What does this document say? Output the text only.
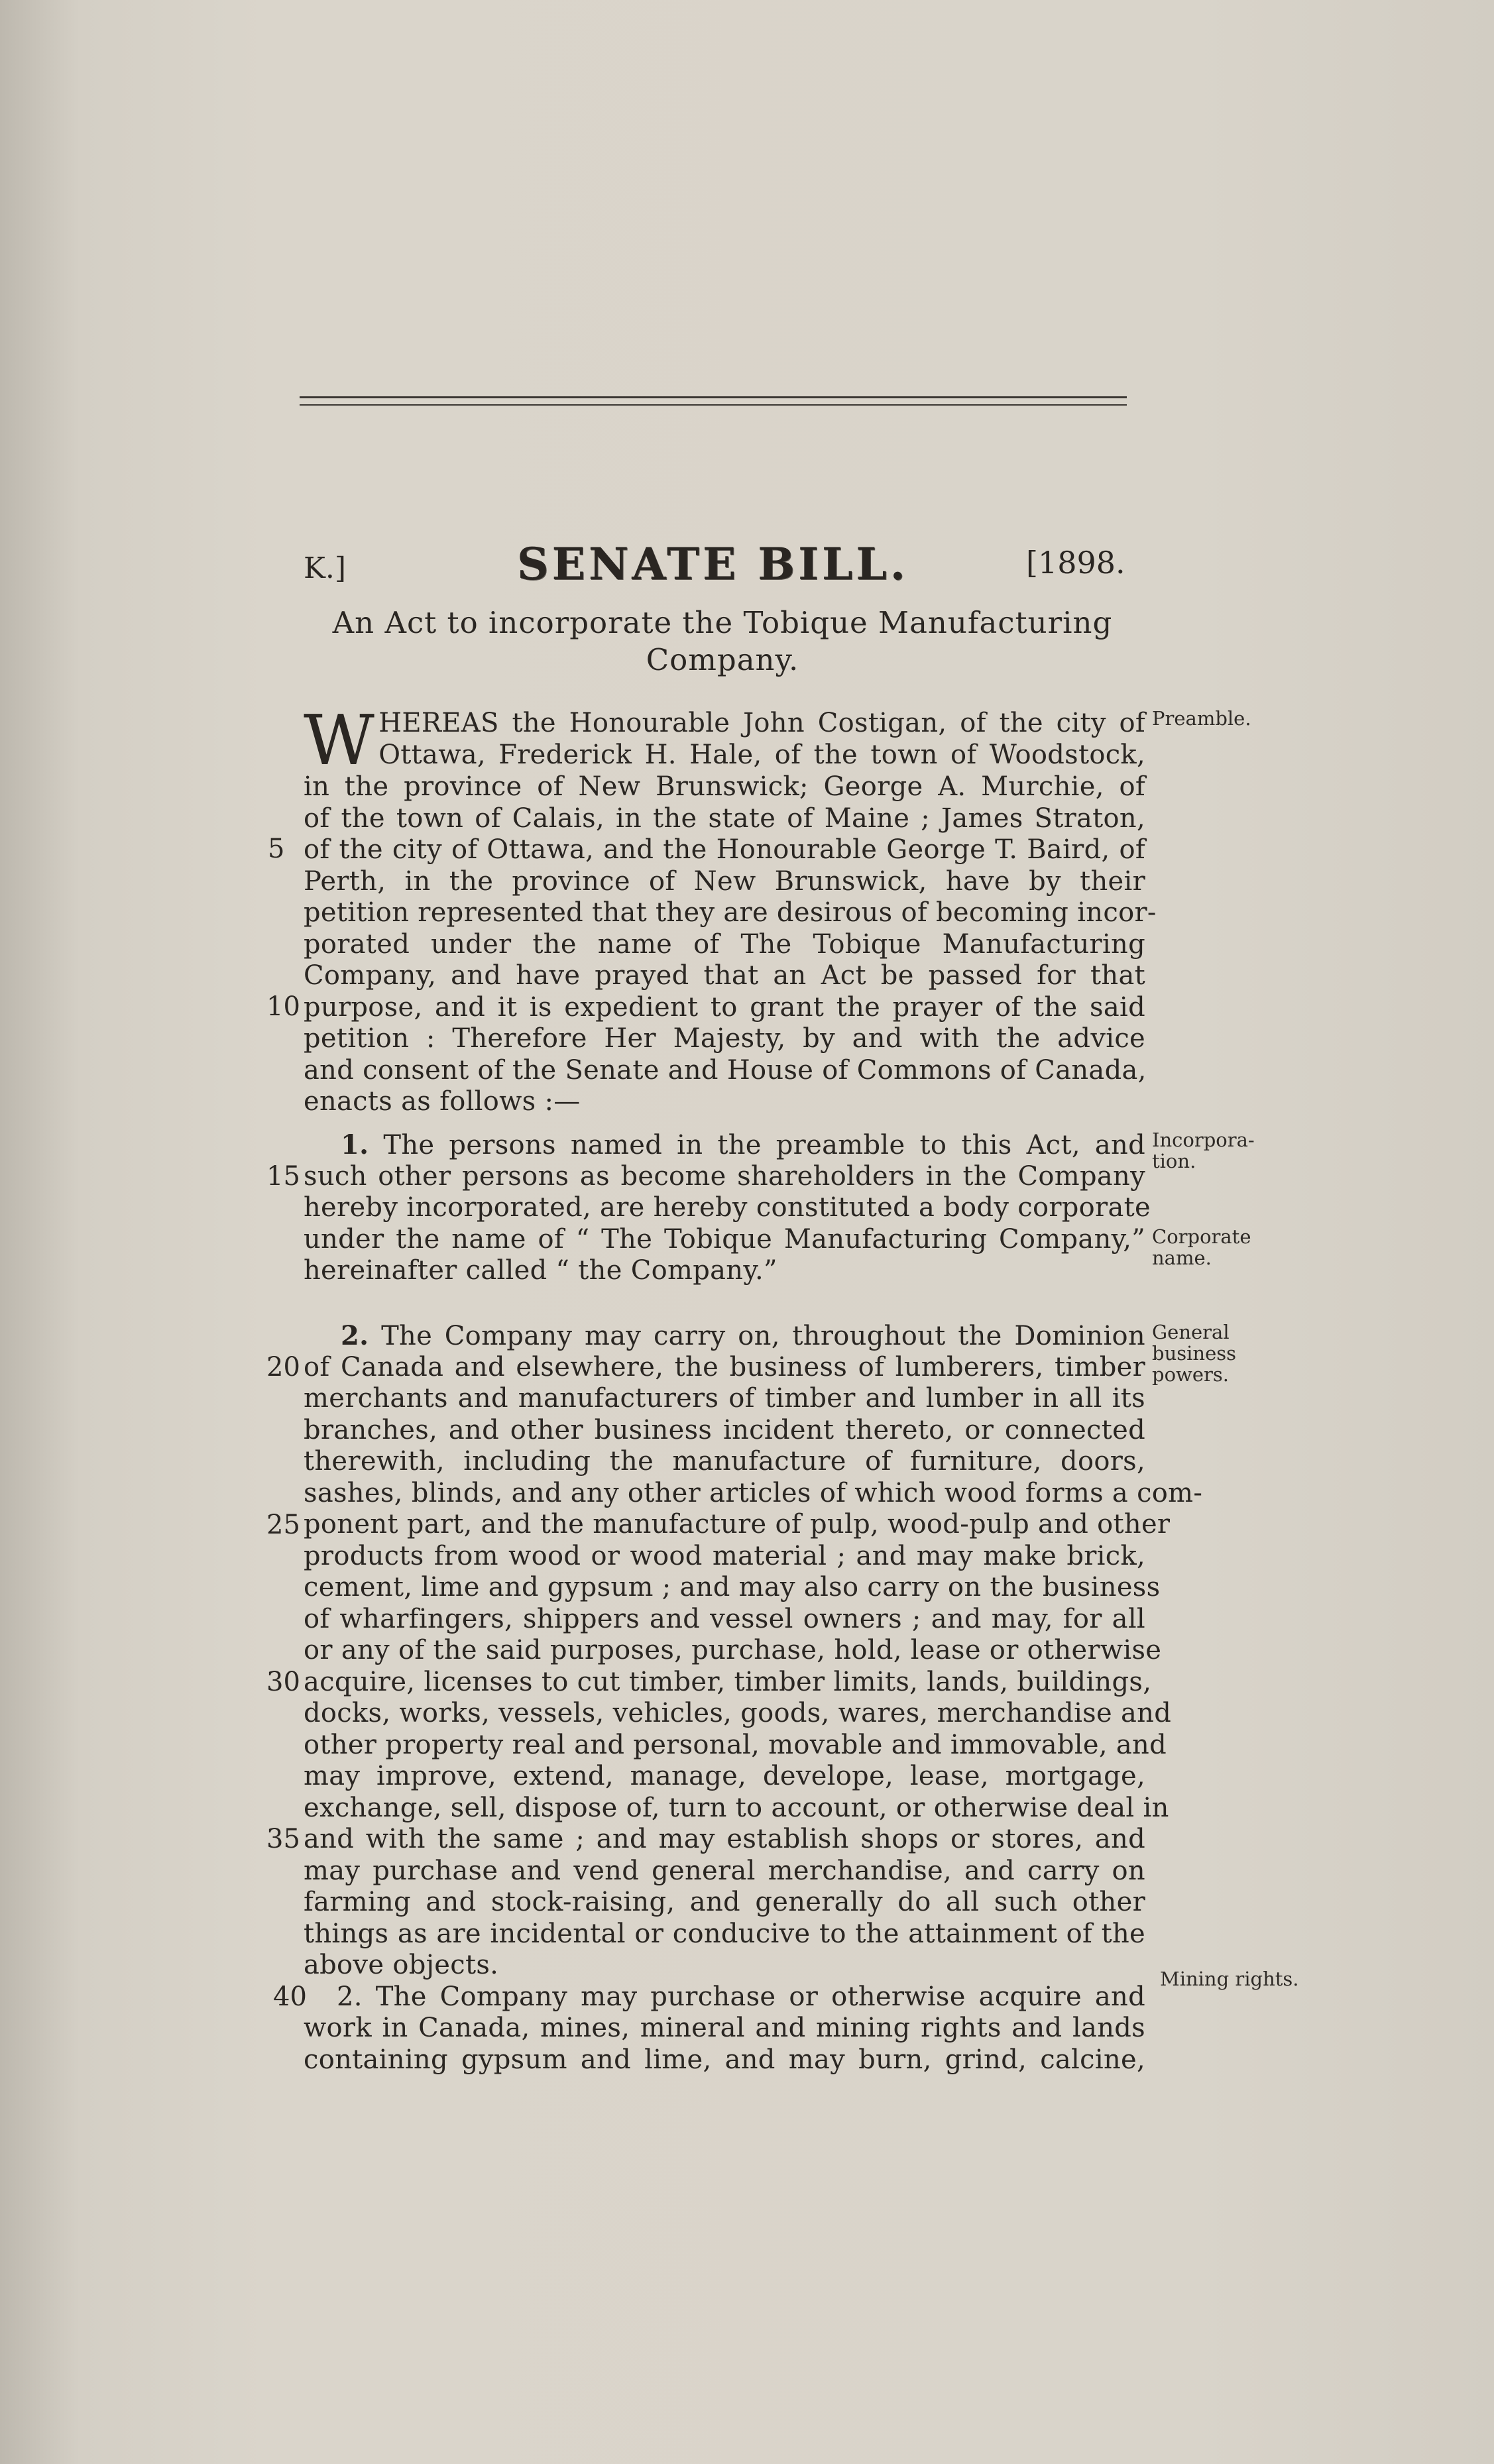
K.]	SENATE BILL.	[1898.
An Act to incorporate the Tobique Manufacturing
Company.
W HEREAS the Honourable John Costigan, of the city of
Ottawa, Frederick H. Hale, of the town of Woodstock,
in the province of New Brunswick; George A. Murchie, of
of the town of Calais, in the state of Maine ; James Straton,
of the city of Ottawa, and the Honourable George T. Baird, of
Perth, in the province of New Brunswick, have by their
petition represented that they are desirous of becoming incor-
porated under the name of The Tobique Manufacturing
Company, and have prayed that an Act be passed for that
purpose, and it is expedient to grant the prayer of the said
petition : Therefore Her Majesty, by and with the advice
and consent of the Senate and House of Commons of Canada,
enacts as follows :—
1. The persons named in the preamble to this Act, and
such other persons as become shareholders in the Company
hereby incorporated, are hereby constituted a body corporate
under the name of “ The Tobique Manufacturing Company,”
hereinafter called “ the Company.”
2. The Company may carry on, throughout the Dominion
of Canada and elsewhere, the business of lumberers, timber
merchants and manufacturers of timber and lumber in all its
branches, and other business incident thereto, or connected
therewith, including the manufacture of furniture, doors,
sashes, blinds, and any other articles of which wood forms a com-
ponent part, and the manufacture of pulp, wood-pulp and other
products from wood or wood material ; and may make brick,
cement, lime and gypsum ; and may also carry on the business
of wharfingers, shippers and vessel owners ; and may, for all
or any of the said purposes, purchase, hold, lease or otherwise
acquire, licenses to cut timber, timber limits, lands, buildings,
docks, works, vessels, vehicles, goods, wares, merchandise and
other property real and personal, movable and immovable, and
may improve, extend, manage, develope, lease, mortgage,
exchange, sell, dispose of, turn to account, or otherwise deal in
and with the same ; and may establish shops or stores, and
may purchase and vend general merchandise, and carry on
farming and stock-raising, and generally do all such other
things as are incidental or conducive to the attainment of the
above objects.
2. The Company may purchase or otherwise acquire and
work in Canada, mines, mineral and mining rights and lands
containing gypsum and lime, and may burn, grind, calcine,
5
10
15
20
25
30
35
40
Preamble.
Incorpora-
tion.
Corporate
name.
General
business
powers.
Mining rights.
